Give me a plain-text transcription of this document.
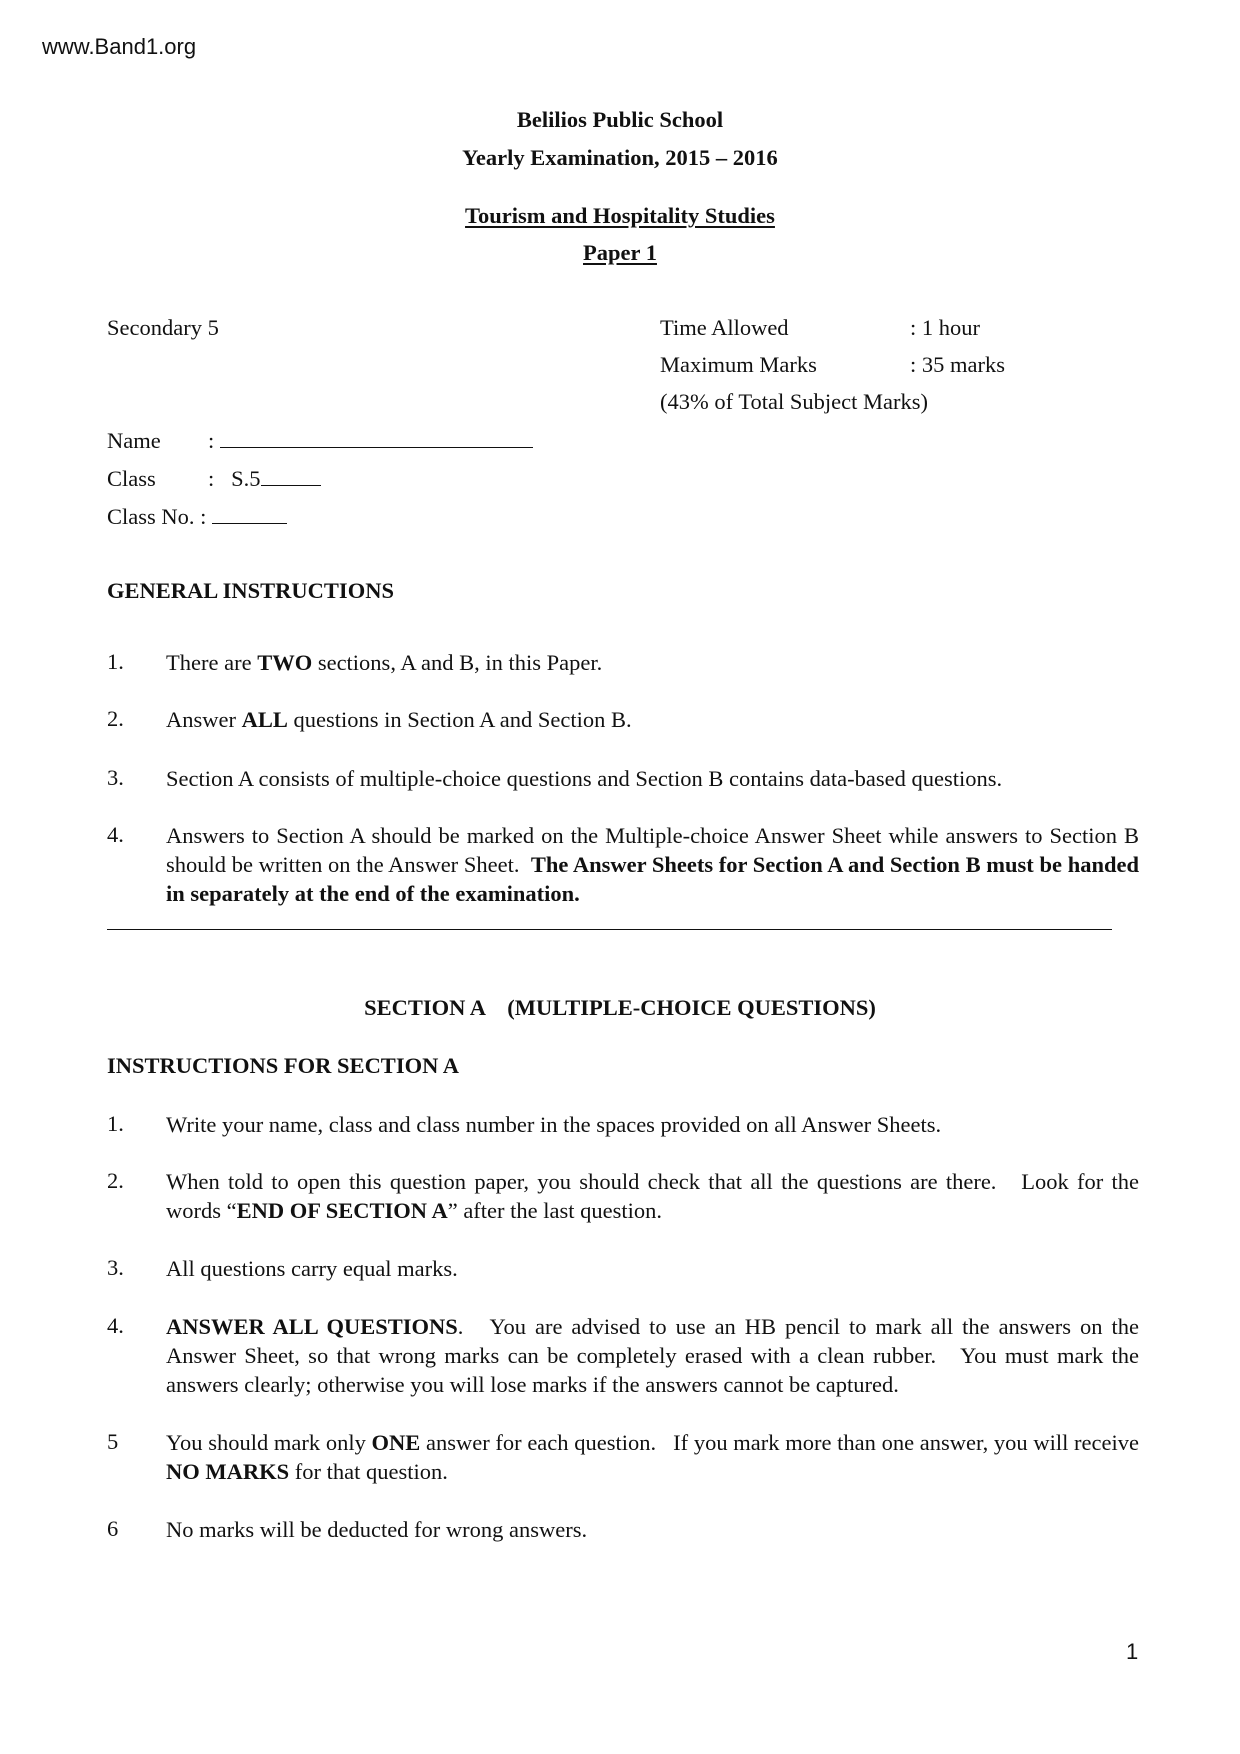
www.Band1.org
Belilios Public School
Yearly Examination, 2015 – 2016
Tourism and Hospitality Studies
Paper 1
Secondary 5	Time Allowed	: 1 hour
Maximum Marks	: 35 marks
(43% of Total Subject Marks)
Name :
Class : S.5
Class No. :
GENERAL INSTRUCTIONS
1. There are TWO sections, A and B, in this Paper.
2. Answer ALL questions in Section A and Section B.
3. Section A consists of multiple-choice questions and Section B contains data-based questions.
4. Answers to Section A should be marked on the Multiple-choice Answer Sheet while answers to Section B should be written on the Answer Sheet.  The Answer Sheets for Section A and Section B must be handed in separately at the end of the examination.
SECTION A    (MULTIPLE-CHOICE QUESTIONS)
INSTRUCTIONS FOR SECTION A
1. Write your name, class and class number in the spaces provided on all Answer Sheets.
2. When told to open this question paper, you should check that all the questions are there.   Look for the words “END OF SECTION A” after the last question.
3. All questions carry equal marks.
4. ANSWER ALL QUESTIONS.   You are advised to use an HB pencil to mark all the answers on the Answer Sheet, so that wrong marks can be completely erased with a clean rubber.   You must mark the answers clearly; otherwise you will lose marks if the answers cannot be captured.
5 You should mark only ONE answer for each question.   If you mark more than one answer, you will receive NO MARKS for that question.
6 No marks will be deducted for wrong answers.
1
